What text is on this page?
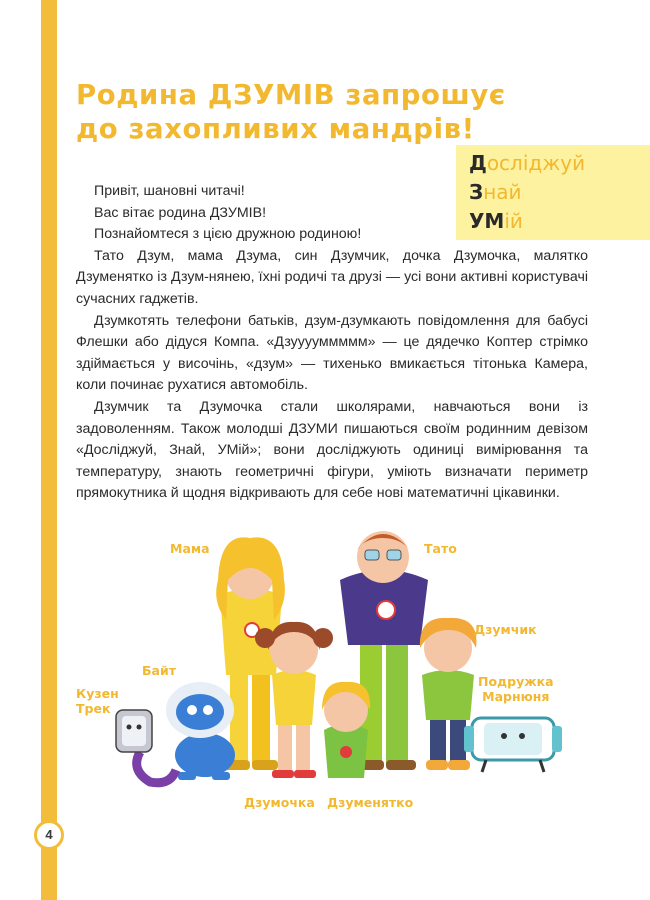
4
Родина ДЗУМІВ запрошує
до захопливих мандрів!
Досліджуй
Знай
УМій

Привіт, шановні читачі!

Вас вітає родина ДЗУМІВ!

Познайомтеся з цією дружною родиною!

Тато Дзум, мама Дзума, син Дзумчик, дочка Дзумочка, малятко Дзуменятко із Дзум-нянею, їхні родичі та друзі — усі вони активні користувачі сучасних гаджетів.

Дзумкотять телефони батьків, дзум-дзумкають повідомлення для бабусі Флешки або дідуся Компа. «Дзууууммммм» — це дядечко Коптер стрімко здіймається у височінь, «дзум» — тихенько вмикається тітонька Камера, коли починає рухатися автомобіль.

Дзумчик та Дзумочка стали школярами, навчаються вони із задоволенням. Також молодші ДЗУМИ пишаються своїм родинним девізом «Досліджуй, Знай, УМій»; вони досліджують одиниці вимірювання та температуру, знають геометричні фігури, уміють визначати периметр прямокутника й щодня відкривають для себе нові математичні цікавинки.

Мама	Тато
Дзумчик
Байт
Кузен
Трек
Подружка
Марнюня
Дзумочка Дзуменятко
